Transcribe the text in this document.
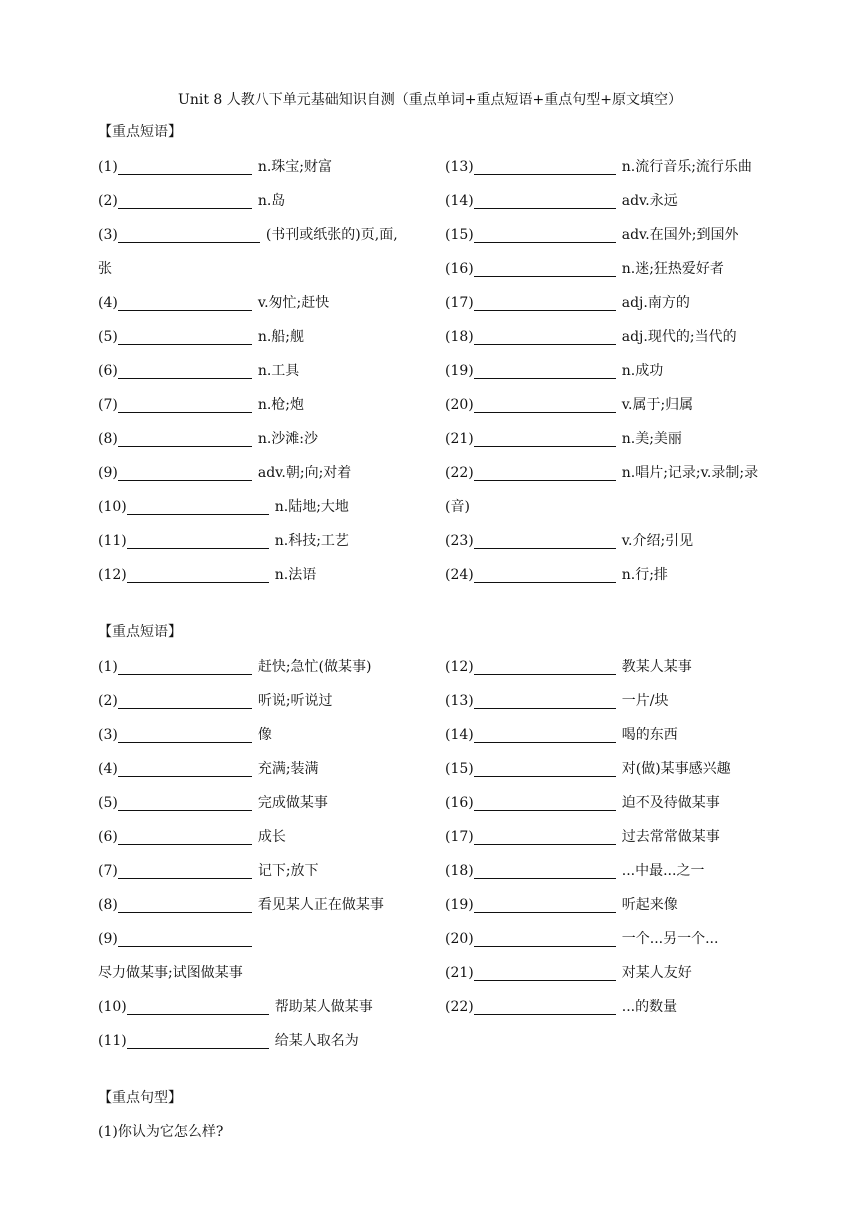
Unit 8 人教八下单元基础知识自测（重点单词+重点短语+重点句型+原文填空）
【重点短语】
(1)	n.珠宝;财富
(2)	n.岛
(3)	(书刊或纸张的)页,面,
张
(4)	v.匆忙;赶快
(5)	n.船;舰
(6)	n.工具
(7)	n.枪;炮
(8)	n.沙滩:沙
(9)	adv.朝;向;对着
(10)	n.陆地;大地
(11)	n.科技;工艺
(12)	n.法语
(13)	n.流行音乐;流行乐曲
(14)	adv.永远
(15)	adv.在国外;到国外
(16)	n.迷;狂热爱好者
(17)	adj.南方的
(18)	adj.现代的;当代的
(19)	n.成功
(20)	v.属于;归属
(21)	n.美;美丽
(22)	n.唱片;记录;v.录制;录
(音)
(23)	v.介绍;引见
(24)	n.行;排
【重点短语】
(1)	赶快;急忙(做某事)
(2)	听说;听说过
(3)	像
(4)	充满;装满
(5)	完成做某事
(6)	成长
(7)	记下;放下
(8)	看见某人正在做某事
(9)
尽力做某事;试图做某事
(10)	帮助某人做某事
(11)	给某人取名为
(12)	教某人某事
(13)	一片/块
(14)	喝的东西
(15)	对(做)某事感兴趣
(16)	迫不及待做某事
(17)	过去常常做某事
(18)	...中最...之一
(19)	听起来像
(20)	一个...另一个...
(21)	对某人友好
(22)	...的数量
【重点句型】
(1)你认为它怎么样?
